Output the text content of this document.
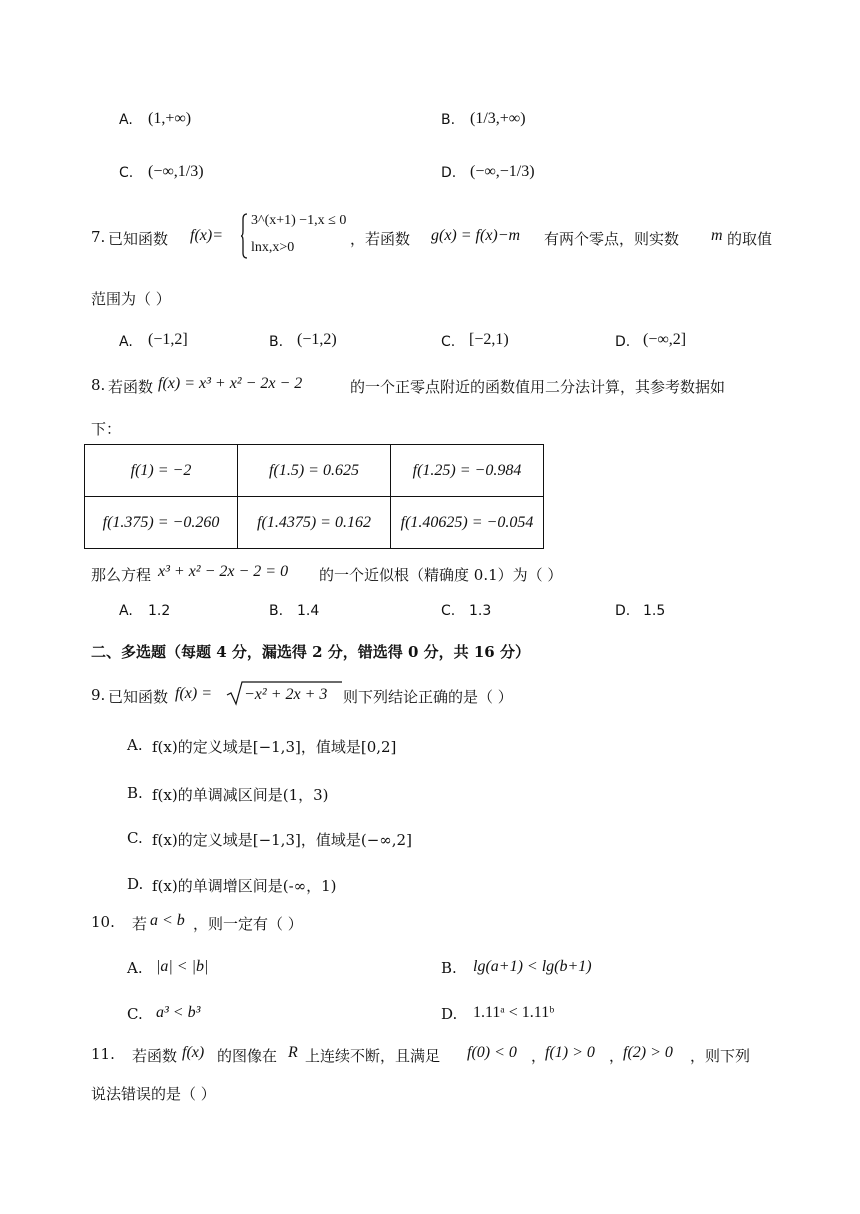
A. (1,+∞)	B. (1/3,+∞)
C. (−∞,1/3)	D. (−∞,−1/3)
7. 已知函数 f(x)=
3^(x+1) −1,x ≤ 0
lnx,x>0	，若函数 g(x) = f(x)−m 有两个零点，则实数 m 的取值
范围为（ ）
A. (−1,2]	B. (−1,2)	C. [−2,1)	D. (−∞,2]
8. 若函数 f(x) = x³ + x² − 2x − 2	的一个正零点附近的函数值用二分法计算，其参考数据如
下：
f(1) = −2	f(1.5) = 0.625	f(1.25) = −0.984
f(1.375) = −0.260	f(1.4375) = 0.162	f(1.40625) = −0.054
那么方程 x³ + x² − 2x − 2 = 0 的一个近似根（精确度 0.1）为（ ）
A. 1.2	B. 1.4	C. 1.3	D. 1.5
二、多选题（每题 4 分，漏选得 2 分，错选得 0 分，共 16 分）
9. 已知函数 f(x) = −x² + 2x + 3 则下列结论正确的是（ ）
A. f(x)的定义域是[−1,3]，值域是[0,2]
B. f(x)的单调减区间是(1，3)
C. f(x)的定义域是[−1,3]，值域是(−∞,2]
D. f(x)的单调增区间是(-∞，1)
10. 若 a < b ，则一定有（ ）
A. |a| < |b|	B. lg(a+1) < lg(b+1)
C. a³ < b³	D. 1.11ᵃ < 1.11ᵇ
11. 若函数 f(x) 的图像在 R 上连续不断，且满足 f(0) < 0 ，
f(1) > 0 ，
f(2) > 0 ，则下列
说法错误的是（ ）
